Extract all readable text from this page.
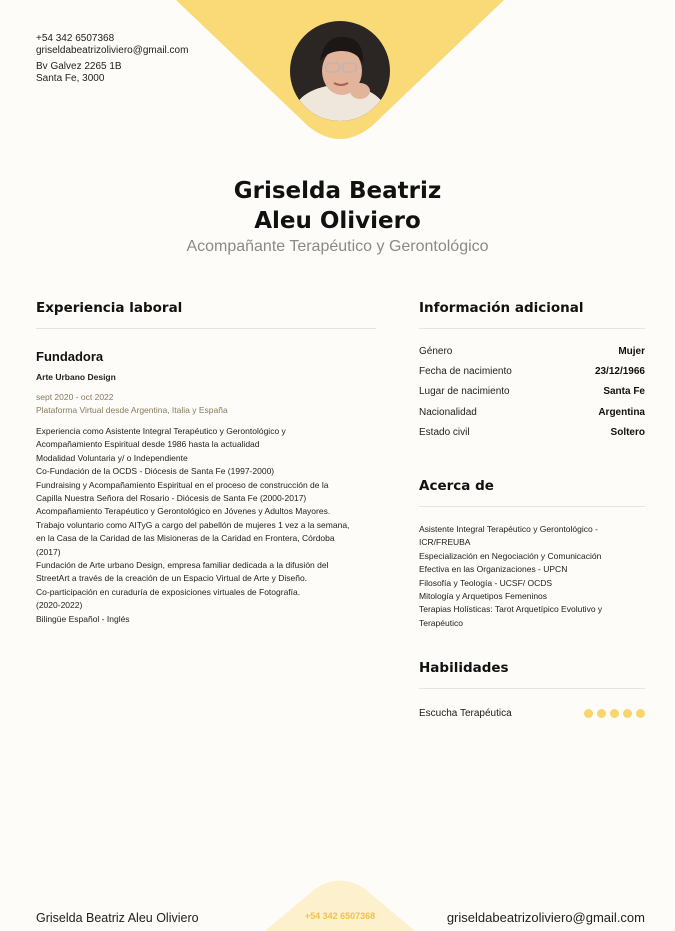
+54 342 6507368
griseldabeatrizoliviero@gmail.com
Bv Galvez 2265 1B
Santa Fe, 3000
Griselda Beatriz
Aleu Oliviero
Acompañante Terapéutico y Gerontológico
Experiencia laboral
Fundadora
Arte Urbano Design
sept 2020 - oct 2022
Plataforma Virtual desde Argentina, Italia y España
Experiencia como Asistente Integral Terapéutico y Gerontológico y
Acompañamiento Espiritual desde 1986 hasta la actualidad
Modalidad Voluntaria y/ o Independiente
Co-Fundación de la OCDS - Diócesis de Santa Fe (1997-2000)
Fundraising y Acompañamiento Espiritual en el proceso de construcción de la
Capilla Nuestra Señora del Rosario - Diócesis de Santa Fe (2000-2017)
Acompañamiento Terapéutico y Gerontológico en Jóvenes y Adultos Mayores.
Trabajo voluntario como AITyG a cargo del pabellón de mujeres 1 vez a la semana,
en la Casa de la Caridad de las Misioneras de la Caridad en Frontera, Córdoba
(2017)
Fundación de Arte urbano Design, empresa familiar dedicada a la difusión del
StreetArt a través de la creación de un Espacio Virtual de Arte y Diseño.
Co-participación en curaduría de exposiciones virtuales de Fotografía.
(2020-2022)
Bilingüe Español - Inglés
Información adicional
Género	Mujer
Fecha de nacimiento	23/12/1966
Lugar de nacimiento	Santa Fe
Nacionalidad	Argentina
Estado civil	Soltero
Acerca de
Asistente Integral Terapéutico y Gerontológico -
ICR/FREUBA
Especialización en Negociación y Comunicación
Efectiva en las Organizaciones - UPCN
Filosofía y Teología - UCSF/ OCDS
Mitología y Arquetipos Femeninos
Terapias Holísticas: Tarot Arquetípico Evolutivo y
Terapéutico
Habilidades
Escucha Terapéutica
Griselda Beatriz Aleu Oliviero	+54 342 6507368	griseldabeatrizoliviero@gmail.com
